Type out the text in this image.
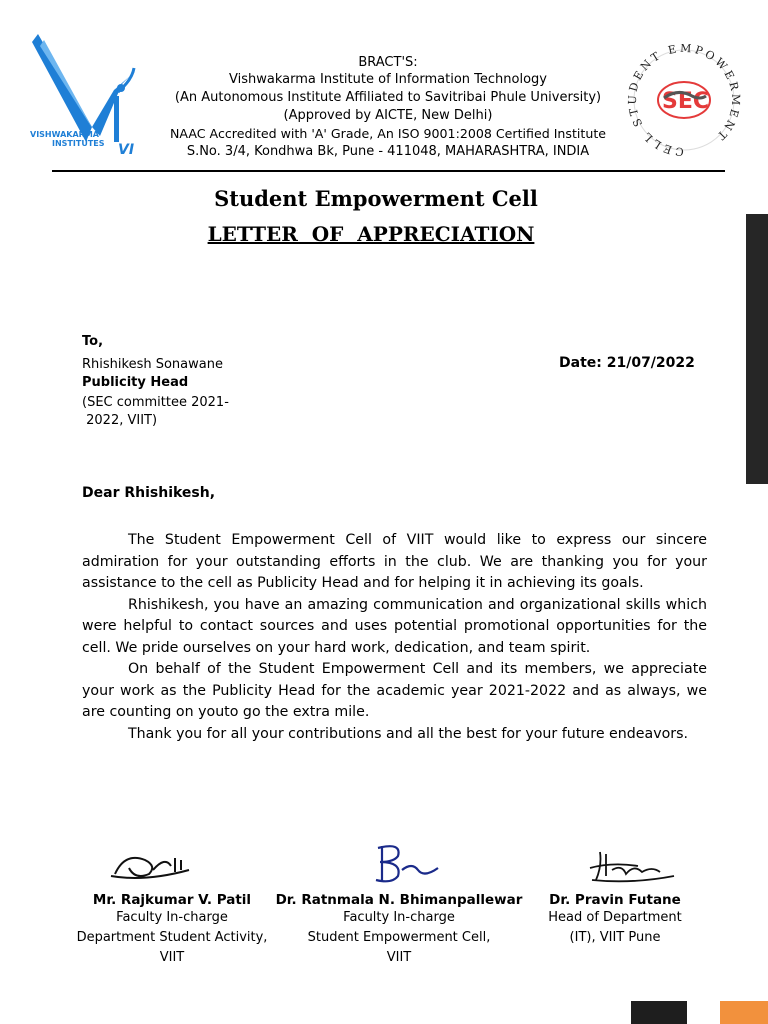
VISHWAKARMA
INSTITUTES VI
BRACT'S:
Vishwakarma Institute of Information Technology
(An Autonomous Institute Affiliated to Savitribai Phule University)
(Approved by AICTE, New Delhi)
NAAC Accredited with 'A' Grade, An ISO 9001:2008 Certified Institute
S.No. 3/4, Kondhwa Bk, Pune - 411048, MAHARASHTRA, INDIA	CELL STUDENT EMPOWERMENT
SEC
Student Empowerment Cell
LETTER  OF  APPRECIATION
To,
Rhishikesh Sonawane
Publicity Head
(SEC committee 2021-
2022, VIIT)
Date: 21/07/2022
Dear Rhishikesh,

The Student Empowerment Cell of VIIT would like to express our sincere admiration for your outstanding efforts in the club. We are thanking you for your assistance to the cell as Publicity Head and for helping it in achieving its goals.

Rhishikesh, you have an amazing communication and organizational skills which were helpful to contact sources and uses potential promotional opportunities for the cell. We pride ourselves on your hard work, dedication, and team spirit.

On behalf of the Student Empowerment Cell and its members, we appreciate your work as the Publicity Head for the academic year 2021-2022 and as always, we are counting on youto go the extra mile.

Thank you for all your contributions and all the best for your future endeavors.

Mr. Rajkumar V. Patil
Faculty In-charge
Department Student Activity,
VIIT
Dr. Ratnmala N. Bhimanpallewar
Faculty In-charge
Student Empowerment Cell,
VIIT
Dr. Pravin Futane
Head of Department
(IT), VIIT Pune
